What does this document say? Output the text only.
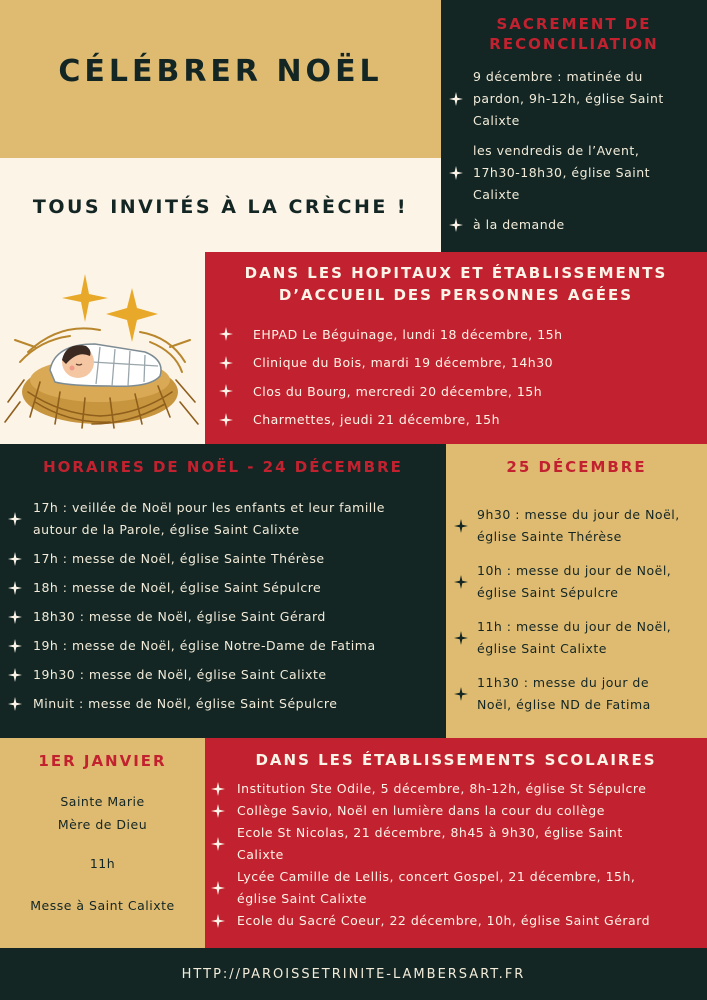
CÉLÉBRER NOËL
TOUS INVITÉS À LA CRÈCHE !
SACREMENT DE
RECONCILIATION
9 décembre : matinée du
pardon, 9h-12h, église Saint
Calixte
les vendredis de l’Avent,
17h30-18h30, église Saint
Calixte
à la demande
DANS LES HOPITAUX ET ÉTABLISSEMENTS
D’ACCUEIL DES PERSONNES AGÉES
EHPAD Le Béguinage, lundi 18 décembre, 15h
Clinique du Bois, mardi 19 décembre, 14h30
Clos du Bourg, mercredi 20 décembre, 15h
Charmettes, jeudi 21 décembre, 15h
HORAIRES DE NOËL - 24 DÉCEMBRE
17h : veillée de Noël pour les enfants et leur famille
autour de la Parole, église Saint Calixte
17h : messe de Noël, église Sainte Thérèse
18h : messe de Noël, église Saint Sépulcre
18h30 : messe de Noël, église Saint Gérard
19h : messe de Noël, église Notre-Dame de Fatima
19h30 : messe de Noël, église Saint Calixte
Minuit : messe de Noël, église Saint Sépulcre
25 DÉCEMBRE
9h30 : messe du jour de Noël,
église Sainte Thérèse
10h : messe du jour de Noël,
église Saint Sépulcre
11h : messe du jour de Noël,
église Saint Calixte
11h30 : messe du jour de
Noël, église ND de Fatima
1ER JANVIER
Sainte Marie
Mère de Dieu
11h
Messe à Saint Calixte
DANS LES ÉTABLISSEMENTS SCOLAIRES
Institution Ste Odile, 5 décembre, 8h-12h, église St Sépulcre
Collège Savio, Noël en lumière dans la cour du collège
Ecole St Nicolas, 21 décembre, 8h45 à 9h30, église Saint
Calixte
Lycée Camille de Lellis, concert Gospel, 21 décembre, 15h,
église Saint Calixte
Ecole du Sacré Coeur, 22 décembre, 10h, église Saint Gérard
HTTP://PAROISSETRINITE-LAMBERSART.FR
